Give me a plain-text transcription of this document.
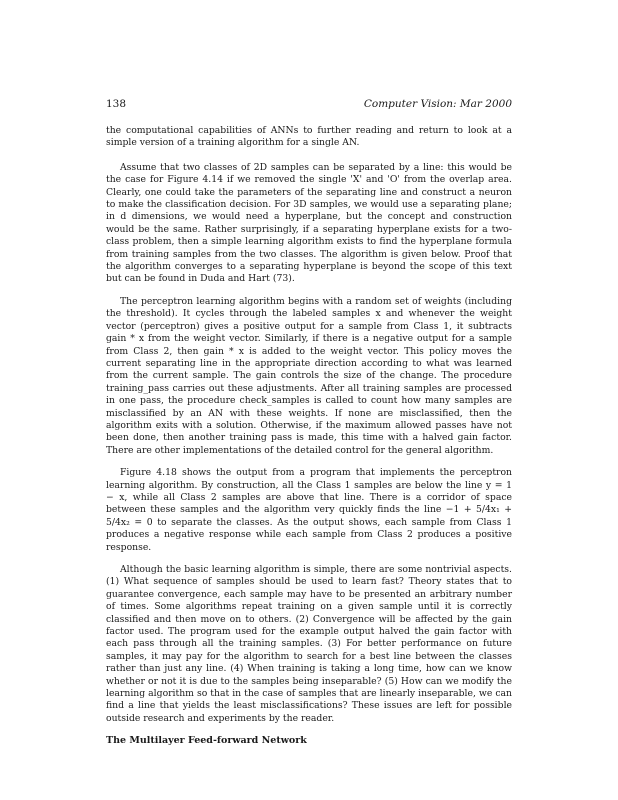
138	Computer Vision: Mar 2000

the computational capabilities of ANNs to further reading and return to look at a simple version of a training algorithm for a single AN.

Assume that two classes of 2D samples can be separated by a line: this would be the case for Figure 4.14 if we removed the single 'X' and 'O' from the overlap area. Clearly, one could take the parameters of the separating line and construct a neuron to make the classification decision. For 3D samples, we would use a separating plane; in d dimensions, we would need a hyperplane, but the concept and construction would be the same. Rather surprisingly, if a separating hyperplane exists for a two-class problem, then a simple learning algorithm exists to find the hyperplane formula from training samples from the two classes. The algorithm is given below. Proof that the algorithm converges to a separating hyperplane is beyond the scope of this text but can be found in Duda and Hart (73).

The perceptron learning algorithm begins with a random set of weights (including the threshold). It cycles through the labeled samples x and whenever the weight vector (perceptron) gives a positive output for a sample from Class 1, it subtracts gain * x from the weight vector. Similarly, if there is a negative output for a sample from Class 2, then gain * x is added to the weight vector. This policy moves the current separating line in the appropriate direction according to what was learned from the current sample. The gain controls the size of the change. The procedure training_pass carries out these adjustments. After all training samples are processed in one pass, the procedure check_samples is called to count how many samples are misclassified by an AN with these weights. If none are misclassified, then the algorithm exits with a solution. Otherwise, if the maximum allowed passes have not been done, then another training pass is made, this time with a halved gain factor. There are other implementations of the detailed control for the general algorithm.

Figure 4.18 shows the output from a program that implements the perceptron learning algorithm. By construction, all the Class 1 samples are below the line y = 1 − x, while all Class 2 samples are above that line. There is a corridor of space between these samples and the algorithm very quickly finds the line −1 + 5/4x₁ + 5/4x₂ = 0 to separate the classes. As the output shows, each sample from Class 1 produces a negative response while each sample from Class 2 produces a positive response.

Although the basic learning algorithm is simple, there are some nontrivial aspects. (1) What sequence of samples should be used to learn fast? Theory states that to guarantee convergence, each sample may have to be presented an arbitrary number of times. Some algorithms repeat training on a given sample until it is correctly classified and then move on to others. (2) Convergence will be affected by the gain factor used. The program used for the example output halved the gain factor with each pass through all the training samples. (3) For better performance on future samples, it may pay for the algorithm to search for a best line between the classes rather than just any line. (4) When training is taking a long time, how can we know whether or not it is due to the samples being inseparable? (5) How can we modify the learning algorithm so that in the case of samples that are linearly inseparable, we can find a line that yields the least misclassifications? These issues are left for possible outside research and experiments by the reader.

The Multilayer Feed-forward Network
